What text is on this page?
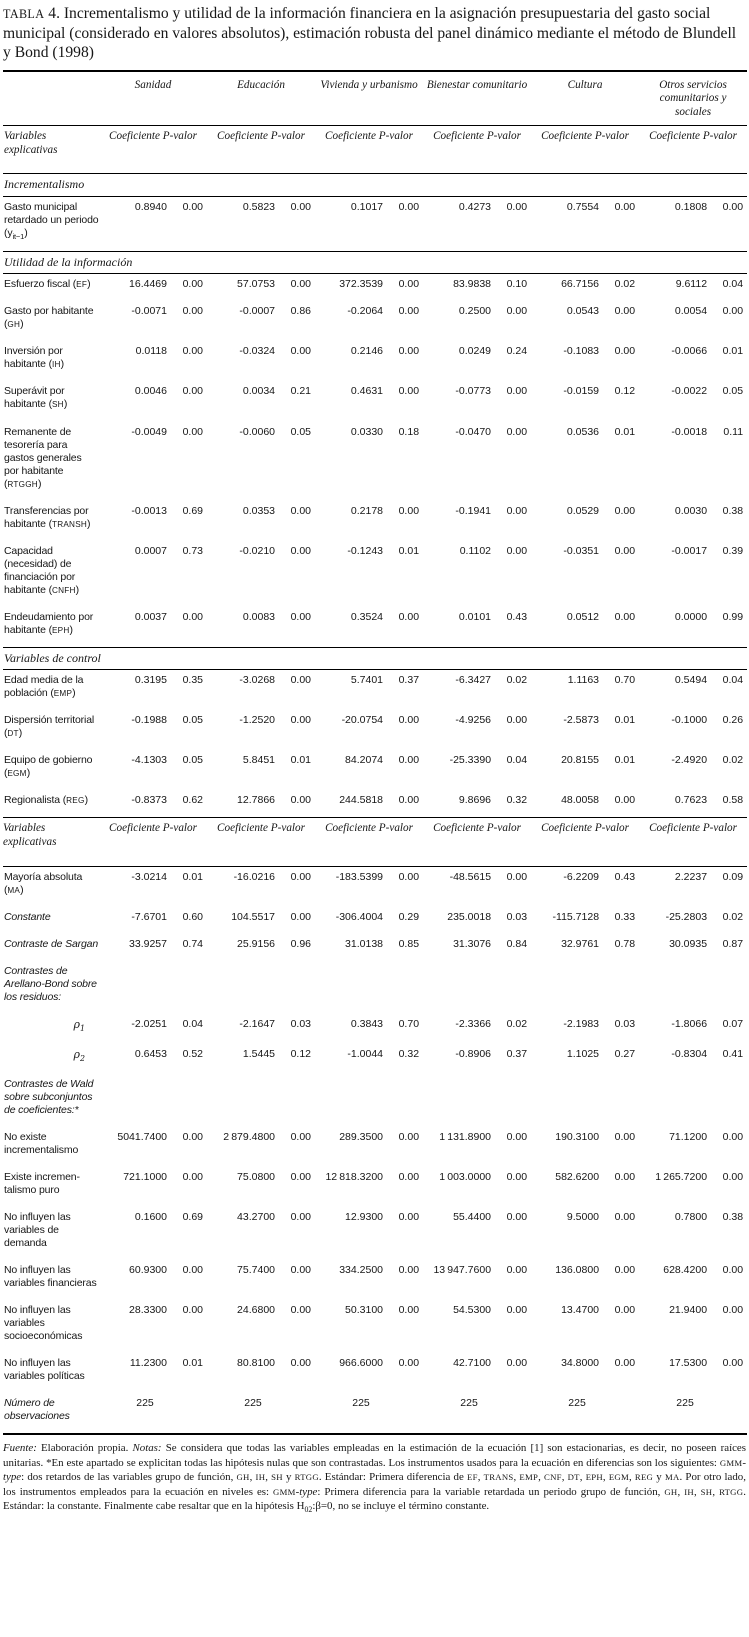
TABLA 4. Incrementalismo y utilidad de la información financiera en la asignación presupuestaria del gasto social municipal (considerado en valores absolutos), estimación robusta del panel dinámico mediante el método de Blundell y Bond (1998)
	Sanidad		Educación		Vivienda y urbanismo		Bienestar comunitario		Cultura		Otros servicios comunitarios y sociales	
Variables explicativas	Coeficiente P-valor		Coeficiente P-valor		Coeficiente P-valor		Coeficiente P-valor		Coeficiente P-valor		Coeficiente P-valor	

Incrementalismo												

Gasto municipal retardado un periodo $(y_{it-1})$	0.8940	0.00	0.5823	0.00	0.1017	0.00	0.4273	0.00	0.7554	0.00	0.1808	0.00

Utilidad de la información												

Esfuerzo fiscal (EF)	16.4469	0.00	57.0753	0.00	372.3539	0.00	83.9838	0.10	66.7156	0.02	9.6112	0.04
Gasto por habitante (GH)	-0.0071	0.00	-0.0007	0.86	-0.2064	0.00	0.2500	0.00	0.0543	0.00	0.0054	0.00
Inversión por habitante (IH)	0.0118	0.00	-0.0324	0.00	0.2146	0.00	0.0249	0.24	-0.1083	0.00	-0.0066	0.01
Superávit por habitante (SH)	0.0046	0.00	0.0034	0.21	0.4631	0.00	-0.0773	0.00	-0.0159	0.12	-0.0022	0.05
Remanente de tesorería para gastos generales por habitante (RTGGH)	-0.0049	0.00	-0.0060	0.05	0.0330	0.18	-0.0470	0.00	0.0536	0.01	-0.0018	0.11
Transferencias por habitante (TRANSH)	-0.0013	0.69	0.0353	0.00	0.2178	0.00	-0.1941	0.00	0.0529	0.00	0.0030	0.38
Capacidad (necesidad) de financiación por habitante (CNFH)	0.0007	0.73	-0.0210	0.00	-0.1243	0.01	0.1102	0.00	-0.0351	0.00	-0.0017	0.39
Endeudamiento por habitante (EPH)	0.0037	0.00	0.0083	0.00	0.3524	0.00	0.0101	0.43	0.0512	0.00	0.0000	0.99

Variables de control												

Edad media de la población (EMP)	0.3195	0.35	-3.0268	0.00	5.7401	0.37	-6.3427	0.02	1.1163	0.70	0.5494	0.04
Dispersión territorial (DT)	-0.1988	0.05	-1.2520	0.00	-20.0754	0.00	-4.9256	0.00	-2.5873	0.01	-0.1000	0.26
Equipo de gobierno (EGM)	-4.1303	0.05	5.8451	0.01	84.2074	0.00	-25.3390	0.04	20.8155	0.01	-2.4920	0.02
Regionalista (REG)	-0.8373	0.62	12.7866	0.00	244.5818	0.00	9.8696	0.32	48.0058	0.00	0.7623	0.58
Variables explicativas	Coeficiente P-valor		Coeficiente P-valor		Coeficiente P-valor		Coeficiente P-valor		Coeficiente P-valor		Coeficiente P-valor	
Mayoría absoluta (MA)	-3.0214	0.01	-16.0216	0.00	-183.5399	0.00	-48.5615	0.00	-6.2209	0.43	2.2237	0.09
Constante	-7.6701	0.60	104.5517	0.00	-306.4004	0.29	235.0018	0.03	-115.7128	0.33	-25.2803	0.02
Contraste de Sargan	33.9257	0.74	25.9156	0.96	31.0138	0.85	31.3076	0.84	32.9761	0.78	30.0935	0.87
Contrastes de Arellano-Bond sobre los residuos:												
$\rho_1$	-2.0251	0.04	-2.1647	0.03	0.3843	0.70	-2.3366	0.02	-2.1983	0.03	-1.8066	0.07
$\rho_2$	0.6453	0.52	1.5445	0.12	-1.0044	0.32	-0.8906	0.37	1.1025	0.27	-0.8304	0.41
Contrastes de Wald sobre subconjuntos de coeficientes:*												
No existe incrementalismo	5041.7400	0.00	2 879.4800	0.00	289.3500	0.00	1 131.8900	0.00	190.3100	0.00	71.1200	0.00
Existe incremen-talismo puro	721.1000	0.00	75.0800	0.00	12 818.3200	0.00	1 003.0000	0.00	582.6200	0.00	1 265.7200	0.00
No influyen las variables de demanda	0.1600	0.69	43.2700	0.00	12.9300	0.00	55.4400	0.00	9.5000	0.00	0.7800	0.38
No influyen las variables financieras	60.9300	0.00	75.7400	0.00	334.2500	0.00	13 947.7600	0.00	136.0800	0.00	628.4200	0.00
No influyen las variables socioeconómicas	28.3300	0.00	24.6800	0.00	50.3100	0.00	54.5300	0.00	13.4700	0.00	21.9400	0.00
No influyen las variables políticas	11.2300	0.01	80.8100	0.00	966.6000	0.00	42.7100	0.00	34.8000	0.00	17.5300	0.00
Número de observaciones	225		225		225		225		225		225	

Fuente: Elaboración propia. Notas: Se considera que todas las variables empleadas en la estimación de la ecuación [1] son estacionarias, es decir, no poseen raíces unitarias. *En este apartado se explicitan todas las hipótesis nulas que son contrastadas. Los instrumentos usados para la ecuación en diferencias son los siguientes: GMM-type: dos retardos de las variables grupo de función, GH, IH, SH y RTGG. Estándar: Primera diferencia de EF, TRANS, EMP, CNF, DT, EPH, EGM, REG y MA. Por otro lado, los instrumentos empleados para la ecuación en niveles es: GMM-type: Primera diferencia para la variable retardada un periodo grupo de función, GH, IH, SH, RTGG. Estándar: la constante. Finalmente cabe resaltar que en la hipótesis $H_{02}:\beta=0$, no se incluye el término constante.
